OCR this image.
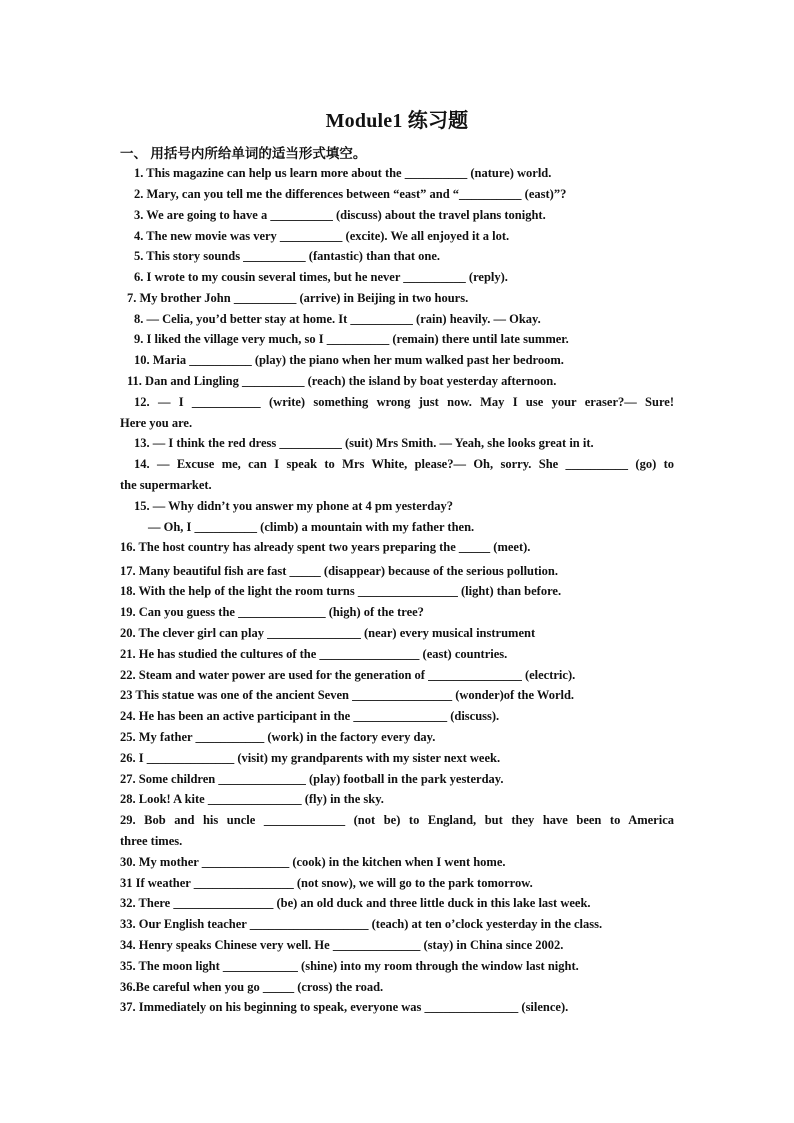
Module1 练习题
一、 用括号内所给单词的适当形式填空。
1. This magazine can help us learn more about the __________ (nature) world.
2. Mary, can you tell me the differences between “east” and “__________ (east)”?
3. We are going to have a __________ (discuss) about the travel plans tonight.
4. The new movie was very __________ (excite). We all enjoyed it a lot.
5. This story sounds __________ (fantastic) than that one.
6. I wrote to my cousin several times, but he never __________ (reply).
7. My brother John __________ (arrive) in Beijing in two hours.
8. — Celia, you’d better stay at home. It __________ (rain) heavily. — Okay.
9. I liked the village very much, so I __________ (remain) there until late summer.
10. Maria __________ (play) the piano when her mum walked past her bedroom.
11. Dan and Lingling __________ (reach) the island by boat yesterday afternoon.
12. — I ___________ (write) something wrong just now. May I use your eraser?— Sure!
Here you are.
13. — I think the red dress __________ (suit) Mrs Smith. — Yeah, she looks great in it.
14. — Excuse me, can I speak to Mrs White, please?— Oh, sorry. She __________ (go) to
the supermarket.
15. — Why didn’t you answer my phone at 4 pm yesterday?
— Oh, I __________ (climb) a mountain with my father then.
16. The host country has already spent two years preparing the _____ (meet).
17. Many beautiful fish are fast _____ (disappear) because of the serious pollution.
18. With the help of the light the room turns ________________ (light) than before.
19. Can you guess the ______________ (high) of the tree?
20. The clever girl can play _______________ (near) every musical instrument
21. He has studied the cultures of the ________________ (east) countries.
22. Steam and water power are used for the generation of _______________ (electric).
23 This statue was one of the ancient Seven ________________ (wonder)of the World.
24. He has been an active participant in the _______________ (discuss).
25. My father ___________ (work) in the factory every day.
26. I ______________ (visit) my grandparents with my sister next week.
27. Some children ______________ (play) football in the park yesterday.
28. Look! A kite _______________ (fly) in the sky.
29. Bob and his uncle _____________ (not be) to England, but they have been to America
three times.
30. My mother ______________ (cook) in the kitchen when I went home.
31 If weather ________________ (not snow), we will go to the park tomorrow.
32. There ________________ (be) an old duck and three little duck in this lake last week.
33. Our English teacher ___________________ (teach) at ten o’clock yesterday in the class.
34. Henry speaks Chinese very well. He ______________ (stay) in China since 2002.
35. The moon light ____________ (shine) into my room through the window last night.
36.Be careful when you go _____ (cross) the road.
37. Immediately on his beginning to speak, everyone was _______________ (silence).
